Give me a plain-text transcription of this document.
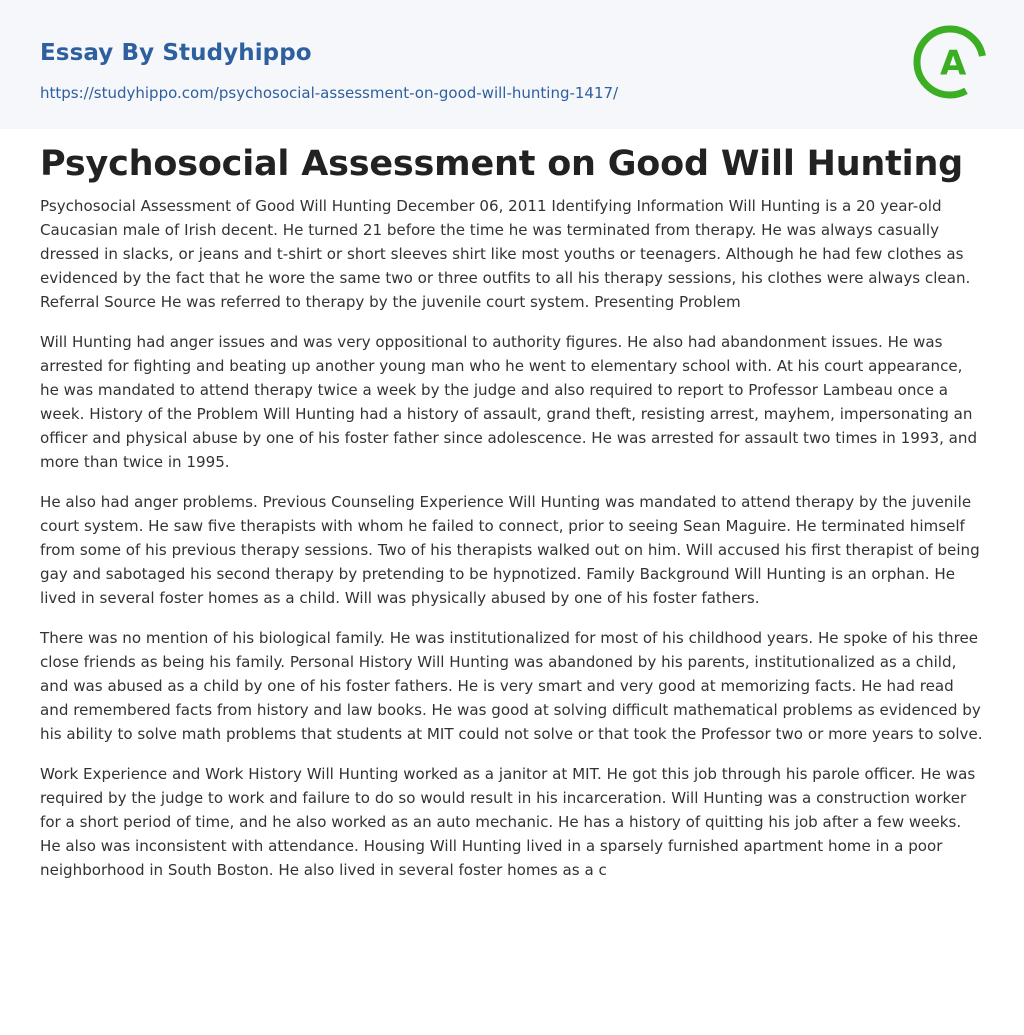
Essay By Studyhippo
https://studyhippo.com/psychosocial-assessment-on-good-will-hunting-1417/
A
Psychosocial Assessment on Good Will Hunting

Psychosocial Assessment of Good Will Hunting December 06, 2011 Identifying Information Will Hunting is a 20 year-old Caucasian male of Irish decent. He turned 21 before the time he was terminated from therapy. He was always casually dressed in slacks, or jeans and t-shirt or short sleeves shirt like most youths or teenagers. Although he had few clothes as evidenced by the fact that he wore the same two or three outfits to all his therapy sessions, his clothes were always clean. Referral Source He was referred to therapy by the juvenile court system. Presenting Problem

Will Hunting had anger issues and was very oppositional to authority figures. He also had abandonment issues. He was arrested for fighting and beating up another young man who he went to elementary school with. At his court appearance, he was mandated to attend therapy twice a week by the judge and also required to report to Professor Lambeau once a week. History of the Problem Will Hunting had a history of assault, grand theft, resisting arrest, mayhem, impersonating an officer and physical abuse by one of his foster father since adolescence. He was arrested for assault two times in 1993, and more than twice in 1995.

He also had anger problems. Previous Counseling Experience Will Hunting was mandated to attend therapy by the juvenile court system. He saw five therapists with whom he failed to connect, prior to seeing Sean Maguire. He terminated himself from some of his previous therapy sessions. Two of his therapists walked out on him. Will accused his first therapist of being gay and sabotaged his second therapy by pretending to be hypnotized. Family Background Will Hunting is an orphan. He lived in several foster homes as a child. Will was physically abused by one of his foster fathers.

There was no mention of his biological family. He was institutionalized for most of his childhood years. He spoke of his three close friends as being his family. Personal History Will Hunting was abandoned by his parents, institutionalized as a child, and was abused as a child by one of his foster fathers. He is very smart and very good at memorizing facts. He had read and remembered facts from history and law books. He was good at solving difficult mathematical problems as evidenced by his ability to solve math problems that students at MIT could not solve or that took the Professor two or more years to solve.

Work Experience and Work History Will Hunting worked as a janitor at MIT. He got this job through his parole officer. He was required by the judge to work and failure to do so would result in his incarceration. Will Hunting was a construction worker for a short period of time, and he also worked as an auto mechanic. He has a history of quitting his job after a few weeks. He also was inconsistent with attendance. Housing Will Hunting lived in a sparsely furnished apartment home in a poor neighborhood in South Boston. He also lived in several foster homes as a c
